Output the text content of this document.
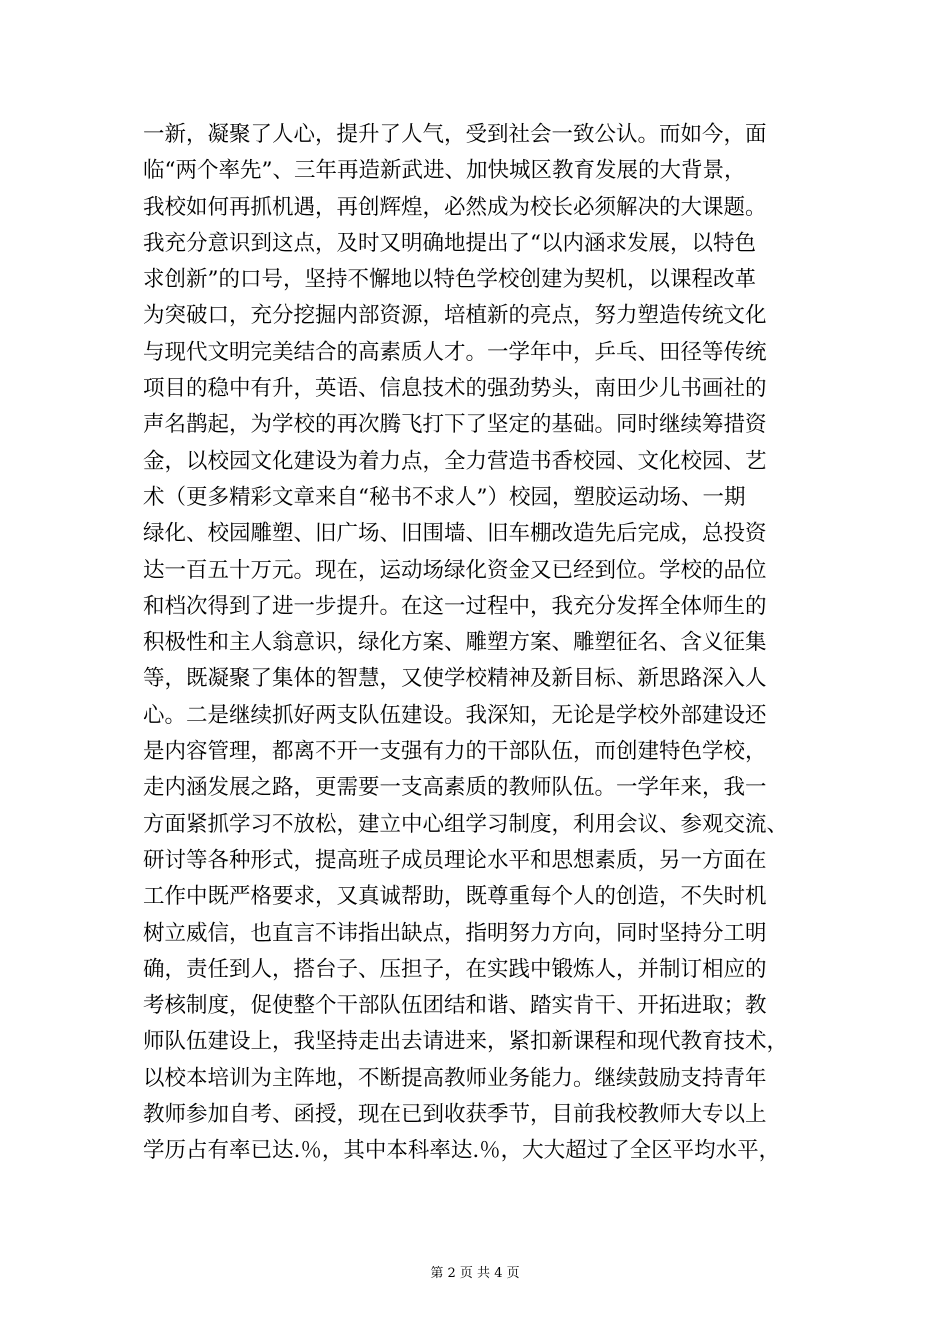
一新，凝聚了人心，提升了人气，受到社会一致公认。而如今，面
临“两个率先”、三年再造新武进、加快城区教育发展的大背景，
我校如何再抓机遇，再创辉煌，必然成为校长必须解决的大课题。
我充分意识到这点，及时又明确地提出了“以内涵求发展，以特色
求创新”的口号，坚持不懈地以特色学校创建为契机，以课程改革
为突破口，充分挖掘内部资源，培植新的亮点，努力塑造传统文化
与现代文明完美结合的高素质人才。一学年中，乒乓、田径等传统
项目的稳中有升，英语、信息技术的强劲势头，南田少儿书画社的
声名鹊起，为学校的再次腾飞打下了坚定的基础。同时继续筹措资
金，以校园文化建设为着力点，全力营造书香校园、文化校园、艺
术（更多精彩文章来自“秘书不求人”）校园，塑胶运动场、一期
绿化、校园雕塑、旧广场、旧围墙、旧车棚改造先后完成，总投资
达一百五十万元。现在，运动场绿化资金又已经到位。学校的品位
和档次得到了进一步提升。在这一过程中，我充分发挥全体师生的
积极性和主人翁意识，绿化方案、雕塑方案、雕塑征名、含义征集
等，既凝聚了集体的智慧，又使学校精神及新目标、新思路深入人
心。二是继续抓好两支队伍建设。我深知，无论是学校外部建设还
是内容管理，都离不开一支强有力的干部队伍，而创建特色学校，
走内涵发展之路，更需要一支高素质的教师队伍。一学年来，我一
方面紧抓学习不放松，建立中心组学习制度，利用会议、参观交流、
研讨等各种形式，提高班子成员理论水平和思想素质，另一方面在
工作中既严格要求，又真诚帮助，既尊重每个人的创造，不失时机
树立威信，也直言不讳指出缺点，指明努力方向，同时坚持分工明
确，责任到人，搭台子、压担子，在实践中锻炼人，并制订相应的
考核制度，促使整个干部队伍团结和谐、踏实肯干、开拓进取；教
师队伍建设上，我坚持走出去请进来，紧扣新课程和现代教育技术，
以校本培训为主阵地，不断提高教师业务能力。继续鼓励支持青年
教师参加自考、函授，现在已到收获季节，目前我校教师大专以上
学历占有率已达.％，其中本科率达.％，大大超过了全区平均水平，
第 2 页 共 4 页
